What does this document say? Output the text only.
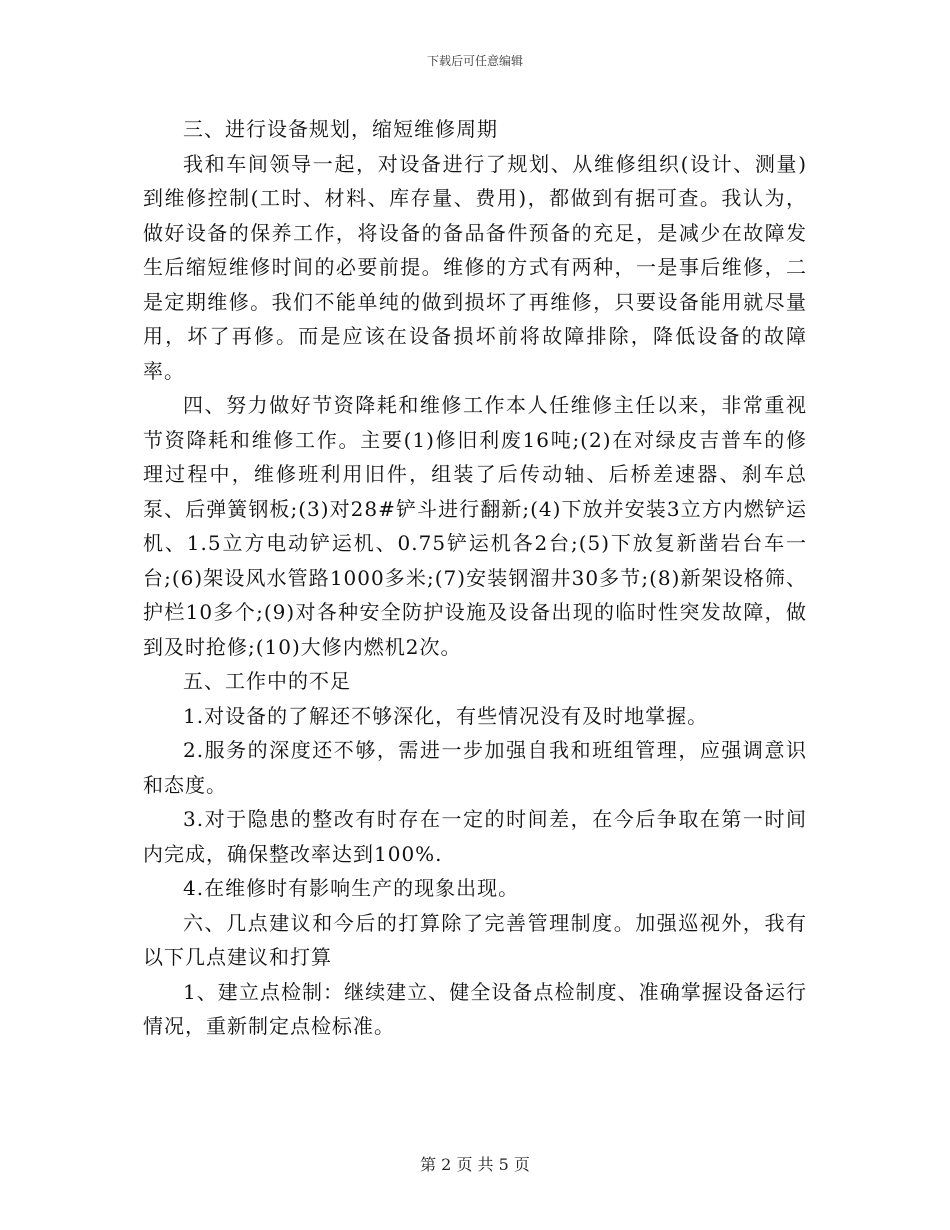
下载后可任意编辑

三、进行设备规划，缩短维修周期

我和车间领导一起，对设备进行了规划、从维修组织(设计、测量)到维修控制(工时、材料、库存量、费用)，都做到有据可查。我认为，做好设备的保养工作，将设备的备品备件预备的充足，是减少在故障发生后缩短维修时间的必要前提。维修的方式有两种，一是事后维修，二是定期维修。我们不能单纯的做到损坏了再维修，只要设备能用就尽量用，坏了再修。而是应该在设备损坏前将故障排除，降低设备的故障率。

四、努力做好节资降耗和维修工作本人任维修主任以来，非常重视节资降耗和维修工作。主要(1)修旧利废16吨;(2)在对绿皮吉普车的修理过程中，维修班利用旧件，组装了后传动轴、后桥差速器、刹车总泵、后弹簧钢板;(3)对28#铲斗进行翻新;(4)下放并安装3立方内燃铲运机、1.5立方电动铲运机、0.75铲运机各2台;(5)下放复新凿岩台车一台;(6)架设风水管路1000多米;(7)安装钢溜井30多节;(8)新架设格筛、护栏10多个;(9)对各种安全防护设施及设备出现的临时性突发故障，做到及时抢修;(10)大修内燃机2次。

五、工作中的不足

1.对设备的了解还不够深化，有些情况没有及时地掌握。

2.服务的深度还不够，需进一步加强自我和班组管理，应强调意识和态度。

3.对于隐患的整改有时存在一定的时间差，在今后争取在第一时间内完成，确保整改率达到100%.

4.在维修时有影响生产的现象出现。

六、几点建议和今后的打算除了完善管理制度。加强巡视外，我有以下几点建议和打算

1、建立点检制：继续建立、健全设备点检制度、准确掌握设备运行情况，重新制定点检标准。

第 2 页 共 5 页
